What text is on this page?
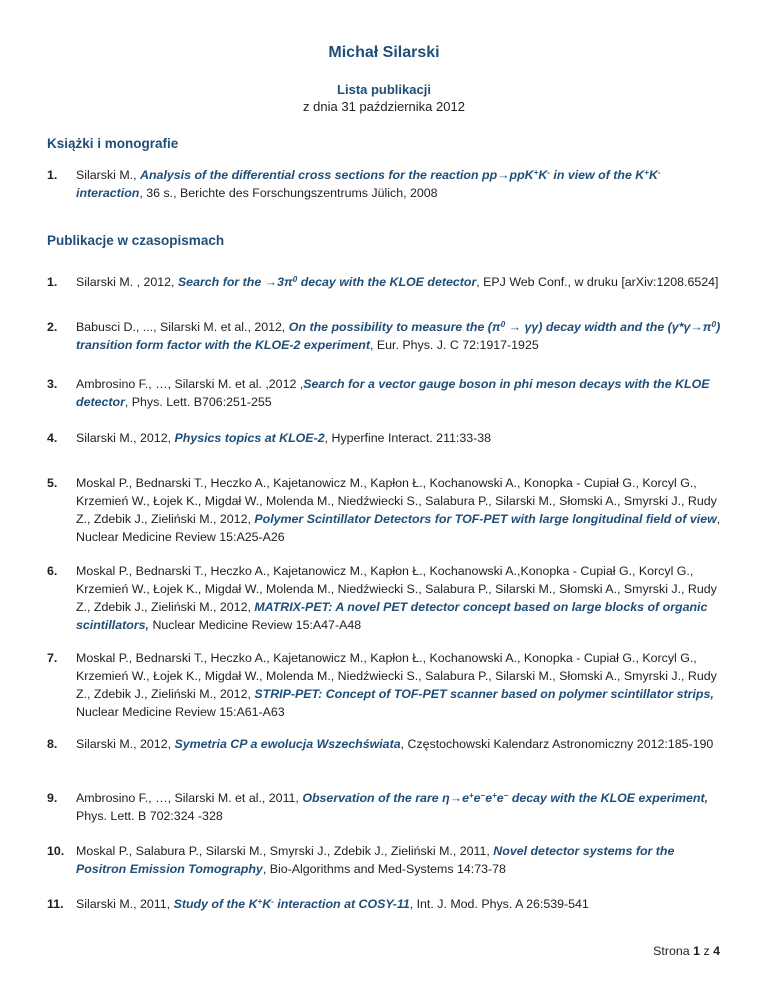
Michał Silarski
Lista publikacji
z dnia 31 października 2012
Książki i monografie
1.	Silarski M., Analysis of the differential cross sections for the reaction pp→ppK+K- in view of the K+K- interaction, 36 s., Berichte des Forschungszentrums Jülich, 2008
Publikacje w czasopismach
1.	Silarski M. , 2012, Search for the $\to 3\pi^0$ decay with the KLOE detector, EPJ Web Conf., w druku [arXiv:1208.6524]
2.	Babusci D., ..., Silarski M. et al., 2012, On the possibility to measure the $(\pi^0 \to \gamma\gamma)$ decay width and the $(\gamma*\gamma\to\pi^0)$ transition form factor with the KLOE-2 experiment, Eur. Phys. J. C 72:1917-1925
3.	Ambrosino F., …, Silarski M. et al. ,2012 ,Search for a vector gauge boson in phi meson decays with the KLOE detector, Phys. Lett. B706:251-255
4.	Silarski M., 2012, Physics topics at KLOE-2, Hyperfine Interact. 211:33-38
5.	Moskal P., Bednarski T., Heczko A., Kajetanowicz M., Kapłon Ł., Kochanowski A., Konopka - Cupiał G., Korcyl G., Krzemień W., Łojek K., Migdał W., Molenda M., Niedźwiecki S., Salabura P., Silarski M., Słomski A., Smyrski J., Rudy Z., Zdebik J., Zieliński M., 2012, Polymer Scintillator Detectors for TOF-PET with large longitudinal field of view, Nuclear Medicine Review 15:A25-A26
6.	Moskal P., Bednarski T., Heczko A., Kajetanowicz M., Kapłon Ł., Kochanowski A.,Konopka - Cupiał G., Korcyl G., Krzemień W., Łojek K., Migdał W., Molenda M., Niedźwiecki S., Salabura P., Silarski M., Słomski A., Smyrski J., Rudy Z., Zdebik J., Zieliński M., 2012, MATRIX-PET: A novel PET detector concept based on large blocks of organic scintillators, Nuclear Medicine Review 15:A47-A48
7.	Moskal P., Bednarski T., Heczko A., Kajetanowicz M., Kapłon Ł., Kochanowski A., Konopka - Cupiał G., Korcyl G., Krzemień W., Łojek K., Migdał W., Molenda M., Niedźwiecki S., Salabura P., Silarski M., Słomski A., Smyrski J., Rudy Z., Zdebik J., Zieliński M., 2012, STRIP-PET: Concept of TOF-PET scanner based on polymer scintillator strips, Nuclear Medicine Review 15:A61-A63
8.	Silarski M., 2012, Symetria CP a ewolucja Wszechświata, Częstochowski Kalendarz Astronomiczny 2012:185-190
9.	Ambrosino F., …, Silarski M. et al., 2011, Observation of the rare η→e+e−e+e− decay with the KLOE experiment, Phys. Lett. B 702:324 -328
10. Moskal P., Salabura P., Silarski M., Smyrski J., Zdebik J., Zieliński M., 2011, Novel detector systems for the Positron Emission Tomography, Bio-Algorithms and Med-Systems 14:73-78
11.	Silarski M., 2011, Study of the K+K- interaction at COSY-11, Int. J. Mod. Phys. A 26:539-541
Strona 1 z 4
